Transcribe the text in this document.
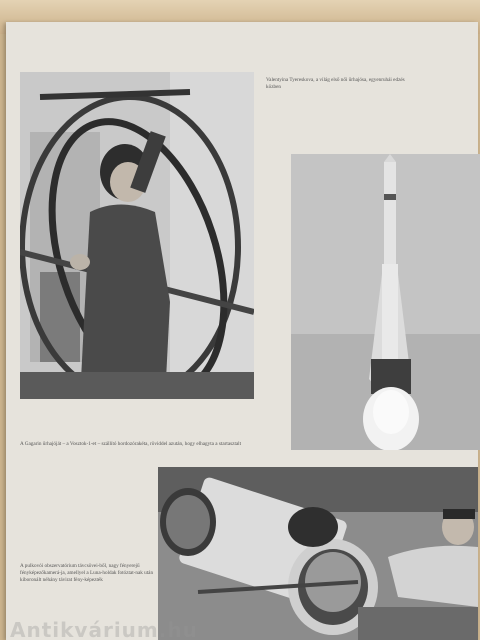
Valentyina Tyereskova, a világ első női űrhajósa, egyenruhái edzés közben

A Gagarin űrhajóját – a Vosztok-1-et – szállító hordozórakéta, röviddel azután, hogy elhagyta a startasztalt

A pulkovói obszervatórium távcsövei-ből, nagy fényerejű fényképezőkamerá-ja, amellyel a Luna-holdak fotóztat-nak után kiboronált néhány távirat fény-képezték

Antikvárium.hu
